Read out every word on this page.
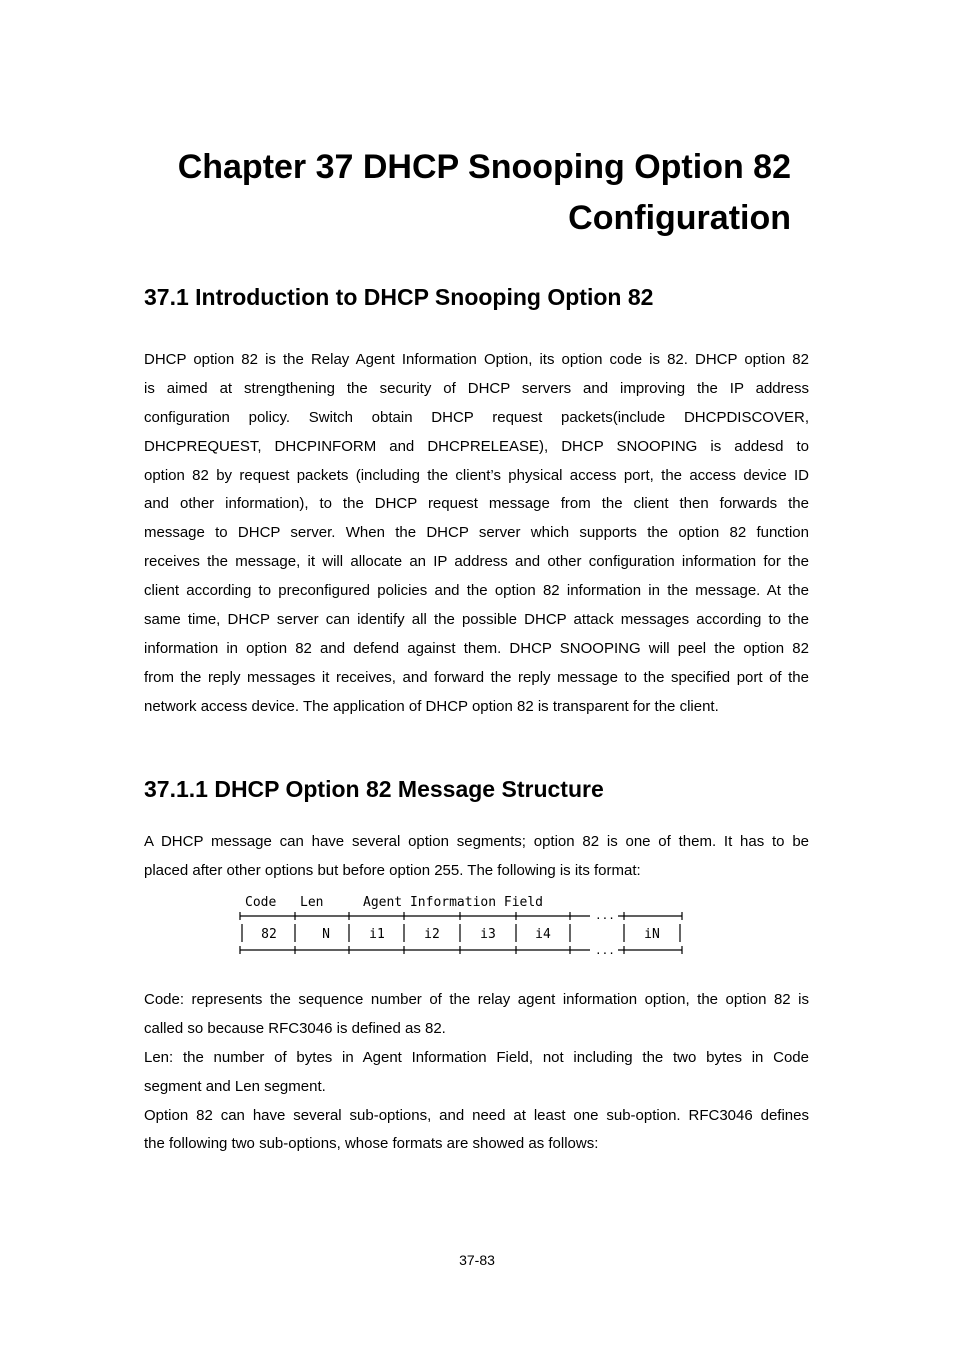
Chapter 37 DHCP Snooping Option 82
Configuration
37.1 Introduction to DHCP Snooping Option 82
DHCP option 82 is the Relay Agent Information Option, its option code is 82. DHCP option 82
is aimed at strengthening the security of DHCP servers and improving the IP address
configuration policy. Switch obtain DHCP request packets(include DHCPDISCOVER,
DHCPREQUEST, DHCPINFORM and DHCPRELEASE), DHCP SNOOPING is addesd to
option 82 by request packets (including the client’s physical access port, the access device ID
and other information), to the DHCP request message from the client then forwards the
message to DHCP server. When the DHCP server which supports the option 82 function
receives the message, it will allocate an IP address and other configuration information for the
client according to preconfigured policies and the option 82 information in the message. At the
same time, DHCP server can identify all the possible DHCP attack messages according to the
information in option 82 and defend against them. DHCP SNOOPING will peel the option 82
from the reply messages it receives, and forward the reply message to the specified port of the
network access device. The application of DHCP option 82 is transparent for the client.
37.1.1 DHCP Option 82 Message Structure
A DHCP message can have several option segments; option 82 is one of them. It has to be
placed after other options but before option 255. The following is its format:
Code Len	Agent Information Field
...
...
82	N	i1	i2	i3	i4	iN
Code: represents the sequence number of the relay agent information option, the option 82 is
called so because RFC3046 is defined as 82.
Len: the number of bytes in Agent Information Field, not including the two bytes in Code
segment and Len segment.
Option 82 can have several sub-options, and need at least one sub-option. RFC3046 defines
the following two sub-options, whose formats are showed as follows:
37-83
